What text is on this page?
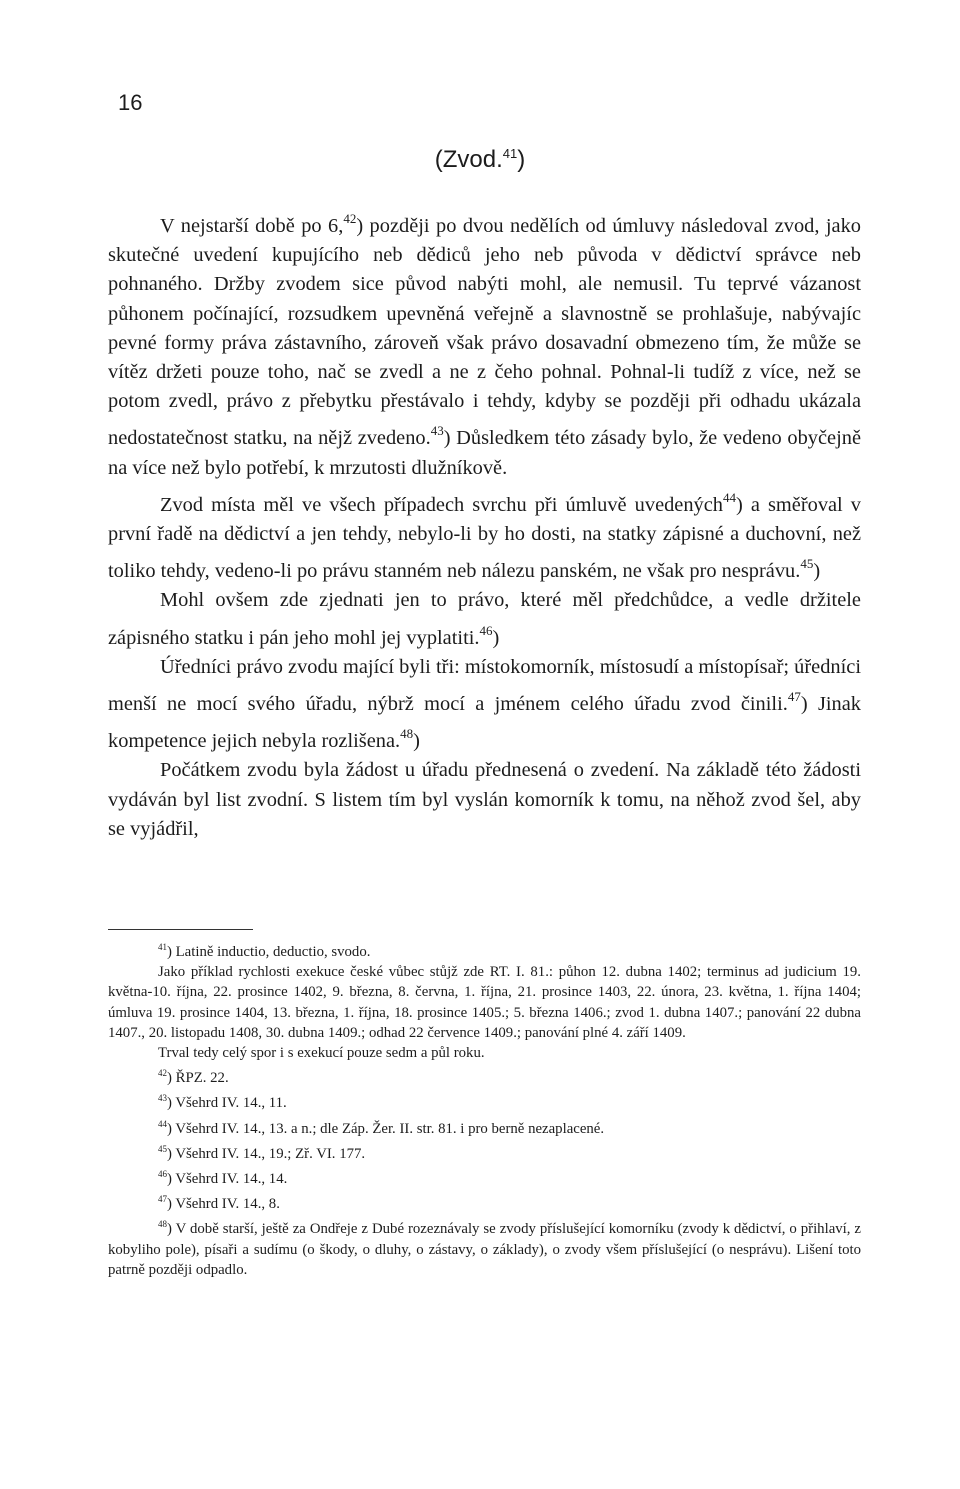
16
(Zvod.$^{41}$)

V nejstarší době po 6,42) později po dvou nedělích od úmluvy následoval zvod, jako skutečné uvedení kupujícího neb dědiců jeho neb původa v dědictví správce neb pohnaného. Držby zvodem sice původ nabýti mohl, ale nemusil. Tu teprvé vázanost půhonem počínající, rozsudkem upevněná veřejně a slavnostně se prohlašuje, nabývajíc pevné formy práva zástavního, zároveň však právo dosavadní obmezeno tím, že může se vítěz držeti pouze toho, nač se zvedl a ne z čeho pohnal. Pohnal-li tudíž z více, než se potom zvedl, právo z přebytku přestávalo i tehdy, kdyby se později při odhadu ukázala nedostatečnost statku, na nějž zvedeno.$^{43}$) Důsledkem této zásady bylo, že vedeno obyčejně na více než bylo potřebí, k mrzutosti dlužníkově.

Zvod místa měl ve všech případech svrchu při úmluvě uvedených$^{44}$) a směřoval v první řadě na dědictví a jen tehdy, nebylo-li by ho dosti, na statky zápisné a duchovní, než toliko tehdy, vedeno-li po právu stanném neb nálezu panském, ne však pro nesprávu.$^{45}$)

Mohl ovšem zde zjednati jen to právo, které měl předchůdce, a vedle držitele zápisného statku i pán jeho mohl jej vyplatiti.$^{46}$)

Úředníci právo zvodu mající byli tři: místokomorník, místosudí a místopísař; úředníci menší ne mocí svého úřadu, nýbrž mocí a jménem celého úřadu zvod činili.$^{47}$) Jinak kompetence jejich nebyla rozlišena.$^{48}$)

Počátkem zvodu byla žádost u úřadu přednesená o zvedení. Na základě této žádosti vydáván byl list zvodní. S listem tím byl vyslán komorník k tomu, na něhož zvod šel, aby se vyjádřil,

$^{41}$) Latině inductio, deductio, svodo.

Jako příklad rychlosti exekuce české vůbec stůjž zde RT. I. 81.: půhon 12. dubna 1402; terminus ad judicium 19. května-10. října, 22. prosince 1402, 9. března, 8. června, 1. října, 21. prosince 1403, 22. února, 23. května, 1. října 1404; úmluva 19. prosince 1404, 13. března, 1. října, 18. prosince 1405.; 5. března 1406.; zvod 1. dubna 1407.; panování 22 dubna 1407., 20. listopadu 1408, 30. dubna 1409.; odhad 22 července 1409.; panování plné 4. září 1409.

Trval tedy celý spor i s exekucí pouze sedm a půl roku.

$^{42}$) ŘPZ. 22.

$^{43}$) Všehrd IV. 14., 11.

$^{44}$) Všehrd IV. 14., 13. a n.; dle Záp. Žer. II. str. 81. i pro berně nezaplacené.

$^{45}$) Všehrd IV. 14., 19.; Zř. VI. 177.

$^{46}$) Všehrd IV. 14., 14.

$^{47}$) Všehrd IV. 14., 8.

$^{48}$) V době starší, ještě za Ondřeje z Dubé rozeznávaly se zvody příslušející komorníku (zvody k dědictví, o přihlaví, z kobyliho pole), písaři a sudímu (o škody, o dluhy, o zástavy, o základy), o zvody všem příslušející (o nesprávu). Lišení toto patrně později odpadlo.
